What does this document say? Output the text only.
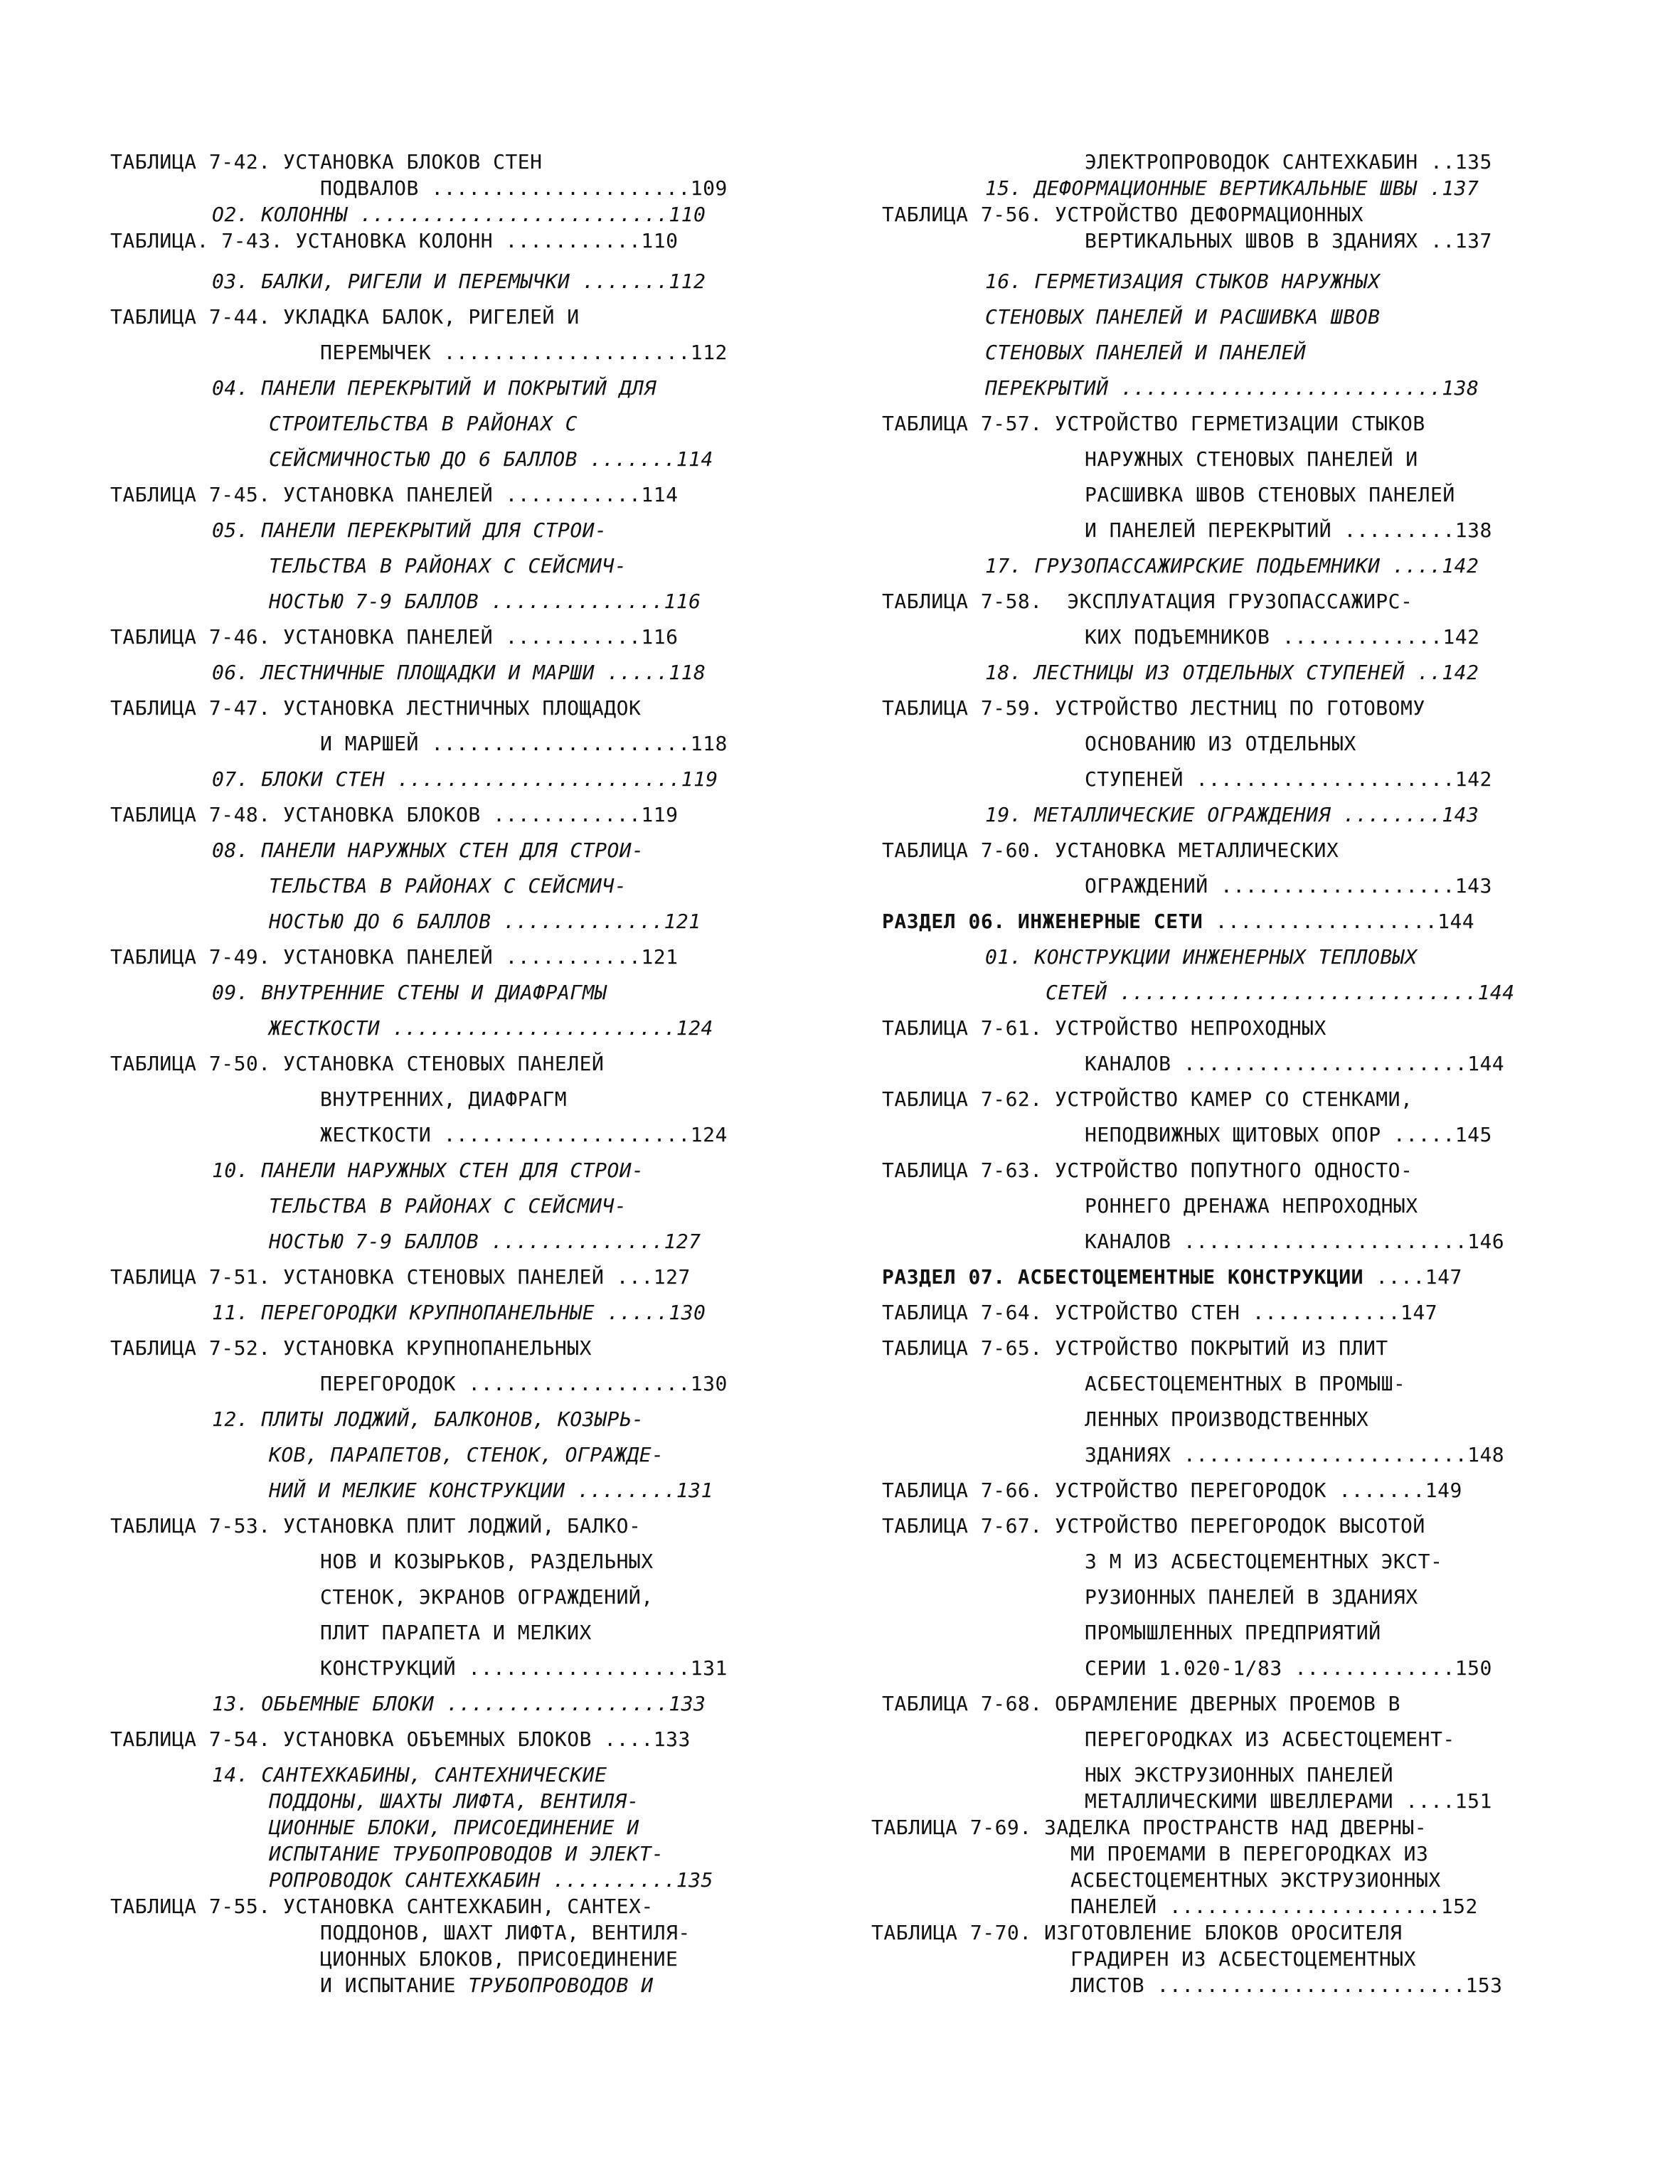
ТАБЛИЦА 7-42. УСТАНОВКА БЛОКОВ СТЕН
ПОДВАЛОВ .....................109
О2. КОЛОННЫ .........................110
ТАБЛИЦА. 7-43. УСТАНОВКА КОЛОНН ...........110
03. БАЛКИ, РИГЕЛИ И ПЕРЕМЫЧКИ .......112
ТАБЛИЦА 7-44. УКЛАДКА БАЛОК, РИГЕЛЕЙ И
ПЕРЕМЫЧЕК ....................112
04. ПАНЕЛИ ПЕРЕКРЫТИЙ И ПОКРЫТИЙ ДЛЯ
СТРОИТЕЛЬСТВА В РАЙОНАХ С
СЕЙСМИЧНОСТЬЮ ДО 6 БАЛЛОВ .......114
ТАБЛИЦА 7-45. УСТАНОВКА ПАНЕЛЕЙ ...........114
05. ПАНЕЛИ ПЕРЕКРЫТИЙ ДЛЯ СТРОИ-
ТЕЛЬСТВА В РАЙОНАХ С СЕЙСМИЧ-
НОСТЬЮ 7-9 БАЛЛОВ ..............116
ТАБЛИЦА 7-46. УСТАНОВКА ПАНЕЛЕЙ ...........116
06. ЛЕСТНИЧНЫЕ ПЛОЩАДКИ И МАРШИ .....118
ТАБЛИЦА 7-47. УСТАНОВКА ЛЕСТНИЧНЫХ ПЛОЩАДОК
И МАРШЕЙ .....................118
07. БЛОКИ СТЕН .......................119
ТАБЛИЦА 7-48. УСТАНОВКА БЛОКОВ ............119
08. ПАНЕЛИ НАРУЖНЫХ СТЕН ДЛЯ СТРОИ-
ТЕЛЬСТВА В РАЙОНАХ С СЕЙСМИЧ-
НОСТЬЮ ДО 6 БАЛЛОВ .............121
ТАБЛИЦА 7-49. УСТАНОВКА ПАНЕЛЕЙ ...........121
09. ВНУТРЕННИЕ СТЕНЫ И ДИАФРАГМЫ
ЖЕСТКОСТИ .......................124
ТАБЛИЦА 7-50. УСТАНОВКА СТЕНОВЫХ ПАНЕЛЕЙ
ВНУТРЕННИХ, ДИАФРАГМ
ЖЕСТКОСТИ ....................124
10. ПАНЕЛИ НАРУЖНЫХ СТЕН ДЛЯ СТРОИ-
ТЕЛЬСТВА В РАЙОНАХ С СЕЙСМИЧ-
НОСТЬЮ 7-9 БАЛЛОВ ..............127
ТАБЛИЦА 7-51. УСТАНОВКА СТЕНОВЫХ ПАНЕЛЕЙ ...127
11. ПЕРЕГОРОДКИ КРУПНОПАНЕЛЬНЫЕ .....130
ТАБЛИЦА 7-52. УСТАНОВКА КРУПНОПАНЕЛЬНЫХ
ПЕРЕГОРОДОК ..................130
12. ПЛИТЫ ЛОДЖИЙ, БАЛКОНОВ, КОЗЫРЬ-
КОВ, ПАРАПЕТОВ, СТЕНОК, ОГРАЖДЕ-
НИЙ И МЕЛКИЕ КОНСТРУКЦИИ ........131
ТАБЛИЦА 7-53. УСТАНОВКА ПЛИТ ЛОДЖИЙ, БАЛКО-
НОВ И КОЗЫРЬКОВ, РАЗДЕЛЬНЫХ
СТЕНОК, ЭКРАНОВ ОГРАЖДЕНИЙ,
ПЛИТ ПАРАПЕТА И МЕЛКИХ
КОНСТРУКЦИЙ ..................131
13. ОБЬЕМНЫЕ БЛОКИ ..................133
ТАБЛИЦА 7-54. УСТАНОВКА ОБЪЕМНЫХ БЛОКОВ ....133
14. САНТЕХКАБИНЫ, САНТЕХНИЧЕСКИЕ
ПОДДОНЫ, ШАХТЫ ЛИФТА, ВЕНТИЛЯ-
ЦИОННЫЕ БЛОКИ, ПРИСОЕДИНЕНИЕ И
ИСПЫТАНИЕ ТРУБОПРОВОДОВ И ЭЛЕКТ-
РОПРОВОДОК САНТЕХКАБИН ..........135
ТАБЛИЦА 7-55. УСТАНОВКА САНТЕХКАБИН, САНТЕХ-
ПОДДОНОВ, ШАХТ ЛИФТА, ВЕНТИЛЯ-
ЦИОННЫХ БЛОКОВ, ПРИСОЕДИНЕНИЕ
И ИСПЫТАНИЕ ТРУБОПРОВОДОВ И
ЭЛЕКТРОПРОВОДОК САНТЕХКАБИН ..135
15. ДЕФОРМАЦИОННЫЕ ВЕРТИКАЛЬНЫЕ ШВЫ .137
ТАБЛИЦА 7-56. УСТРОЙСТВО ДЕФОРМАЦИОННЫХ
ВЕРТИКАЛЬНЫХ ШВОВ В ЗДАНИЯХ ..137
16. ГЕРМЕТИЗАЦИЯ СТЫКОВ НАРУЖНЫХ
СТЕНОВЫХ ПАНЕЛЕЙ И РАСШИВКА ШВОВ
СТЕНОВЫХ ПАНЕЛЕЙ И ПАНЕЛЕЙ
ПЕРЕКРЫТИЙ ..........................138
ТАБЛИЦА 7-57. УСТРОЙСТВО ГЕРМЕТИЗАЦИИ СТЫКОВ
НАРУЖНЫХ СТЕНОВЫХ ПАНЕЛЕЙ И
РАСШИВКА ШВОВ СТЕНОВЫХ ПАНЕЛЕЙ
И ПАНЕЛЕЙ ПЕРЕКРЫТИЙ .........138
17. ГРУЗОПАССАЖИРСКИЕ ПОДЬЕМНИКИ ....142
ТАБЛИЦА 7-58.  ЭКСПЛУАТАЦИЯ ГРУЗОПАССАЖИРС-
КИХ ПОДЪЕМНИКОВ .............142
18. ЛЕСТНИЦЫ ИЗ ОТДЕЛЬНЫХ СТУПЕНЕЙ ..142
ТАБЛИЦА 7-59. УСТРОЙСТВО ЛЕСТНИЦ ПО ГОТОВОМУ
ОСНОВАНИЮ ИЗ ОТДЕЛЬНЫХ
СТУПЕНЕЙ .....................142
19. МЕТАЛЛИЧЕСКИЕ ОГРАЖДЕНИЯ ........143
ТАБЛИЦА 7-60. УСТАНОВКА МЕТАЛЛИЧЕСКИХ
ОГРАЖДЕНИЙ ...................143
РАЗДЕЛ 06. ИНЖЕНЕРНЫЕ СЕТИ ..................144
01. КОНСТРУКЦИИ ИНЖЕНЕРНЫХ ТЕПЛОВЫХ
СЕТЕЙ .............................144
ТАБЛИЦА 7-61. УСТРОЙСТВО НЕПРОХОДНЫХ
КАНАЛОВ .......................144
ТАБЛИЦА 7-62. УСТРОЙСТВО КАМЕР СО СТЕНКАМИ,
НЕПОДВИЖНЫХ ЩИТОВЫХ ОПОР .....145
ТАБЛИЦА 7-63. УСТРОЙСТВО ПОПУТНОГО ОДНОСТО-
РОННЕГО ДРЕНАЖА НЕПРОХОДНЫХ
КАНАЛОВ .......................146
РАЗДЕЛ 07. АСБЕСТОЦЕМЕНТНЫЕ КОНСТРУКЦИИ ....147
ТАБЛИЦА 7-64. УСТРОЙСТВО СТЕН ............147
ТАБЛИЦА 7-65. УСТРОЙСТВО ПОКРЫТИЙ ИЗ ПЛИТ
АСБЕСТОЦЕМЕНТНЫХ В ПРОМЫШ-
ЛЕННЫХ ПРОИЗВОДСТВЕННЫХ
ЗДАНИЯХ .......................148
ТАБЛИЦА 7-66. УСТРОЙСТВО ПЕРЕГОРОДОК .......149
ТАБЛИЦА 7-67. УСТРОЙСТВО ПЕРЕГОРОДОК ВЫСОТОЙ
3 М ИЗ АСБЕСТОЦЕМЕНТНЫХ ЭКСТ-
РУЗИОННЫХ ПАНЕЛЕЙ В ЗДАНИЯХ
ПРОМЫШЛЕННЫХ ПРЕДПРИЯТИЙ
СЕРИИ 1.020-1/83 .............150
ТАБЛИЦА 7-68. ОБРАМЛЕНИЕ ДВЕРНЫХ ПРОЕМОВ В
ПЕРЕГОРОДКАХ ИЗ АСБЕСТОЦЕМЕНТ-
НЫХ ЭКСТРУЗИОННЫХ ПАНЕЛЕЙ
МЕТАЛЛИЧЕСКИМИ ШВЕЛЛЕРАМИ ....151
ТАБЛИЦА 7-69. ЗАДЕЛКА ПРОСТРАНСТВ НАД ДВЕРНЫ-
МИ ПРОЕМАМИ В ПЕРЕГОРОДКАХ ИЗ
АСБЕСТОЦЕМЕНТНЫХ ЭКСТРУЗИОННЫХ
ПАНЕЛЕЙ ......................152
ТАБЛИЦА 7-70. ИЗГОТОВЛЕНИЕ БЛОКОВ ОРОСИТЕЛЯ
ГРАДИРЕН ИЗ АСБЕСТОЦЕМЕНТНЫХ
ЛИСТОВ .........................153
